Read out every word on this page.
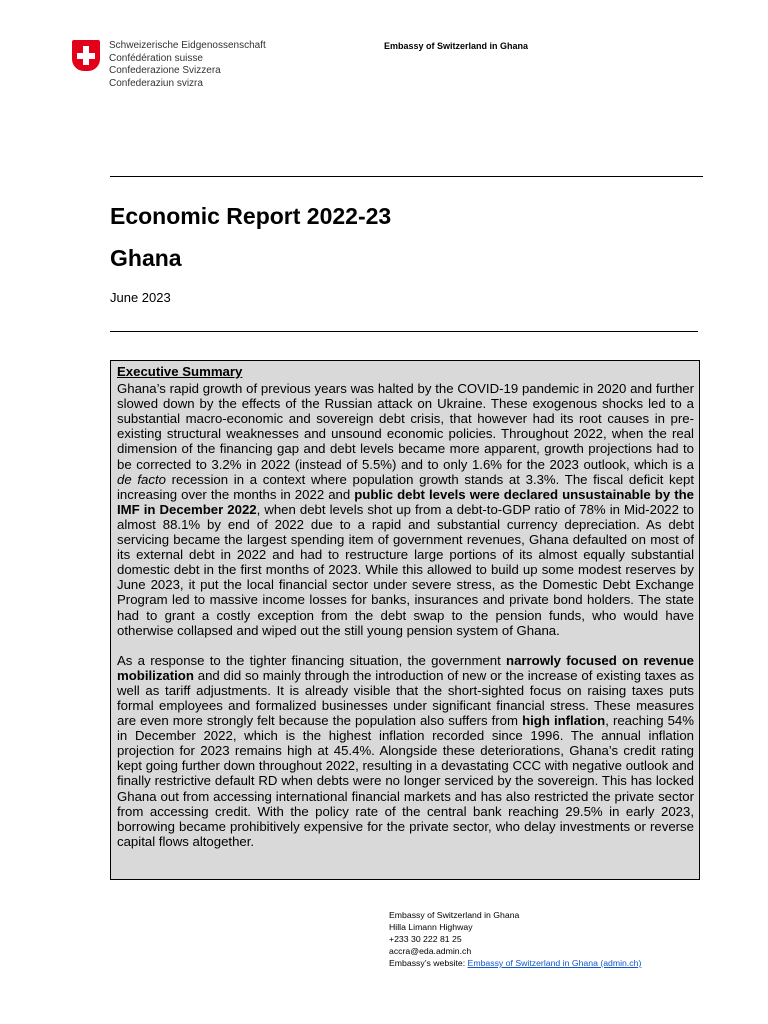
Schweizerische Eidgenossenschaft
Confédération suisse
Confederazione Svizzera
Confederaziun svizra
Embassy of Switzerland in Ghana
Economic Report 2022-23
Ghana
June 2023
Executive Summary

Ghana’s rapid growth of previous years was halted by the COVID-19 pandemic in 2020 and further slowed down by the effects of the Russian attack on Ukraine. These exogenous shocks led to a substantial macro-economic and sovereign debt crisis, that however had its root causes in pre-existing structural weaknesses and unsound economic policies. Throughout 2022, when the real dimension of the financing gap and debt levels became more apparent, growth projections had to be corrected to 3.2% in 2022 (instead of 5.5%) and to only 1.6% for the 2023 outlook, which is a de facto recession in a context where population growth stands at 3.3%. The fiscal deficit kept increasing over the months in 2022 and public debt levels were declared unsustainable by the IMF in December 2022, when debt levels shot up from a debt-to-GDP ratio of 78% in Mid-2022 to almost 88.1% by end of 2022 due to a rapid and substantial currency depreciation. As debt servicing became the largest spending item of government revenues, Ghana defaulted on most of its external debt in 2022 and had to restructure large portions of its almost equally substantial domestic debt in the first months of 2023. While this allowed to build up some modest reserves by June 2023, it put the local financial sector under severe stress, as the Domestic Debt Exchange Program led to massive income losses for banks, insurances and private bond holders. The state had to grant a costly exception from the debt swap to the pension funds, who would have otherwise collapsed and wiped out the still young pension system of Ghana.

As a response to the tighter financing situation, the government narrowly focused on revenue mobilization and did so mainly through the introduction of new or the increase of existing taxes as well as tariff adjustments. It is already visible that the short-sighted focus on raising taxes puts formal employees and formalized businesses under significant financial stress. These measures are even more strongly felt because the population also suffers from high inflation, reaching 54% in December 2022, which is the highest inflation recorded since 1996. The annual inflation projection for 2023 remains high at 45.4%. Alongside these deteriorations, Ghana’s credit rating kept going further down throughout 2022, resulting in a devastating CCC with negative outlook and finally restrictive default RD when debts were no longer serviced by the sovereign. This has locked Ghana out from accessing international financial markets and has also restricted the private sector from accessing credit. With the policy rate of the central bank reaching 29.5% in early 2023, borrowing became prohibitively expensive for the private sector, who delay investments or reverse capital flows altogether.

Embassy of Switzerland in Ghana
Hilla Limann Highway
+233 30 222 81 25
accra@eda.admin.ch
Embassy’s website: Embassy of Switzerland in Ghana (admin.ch)
